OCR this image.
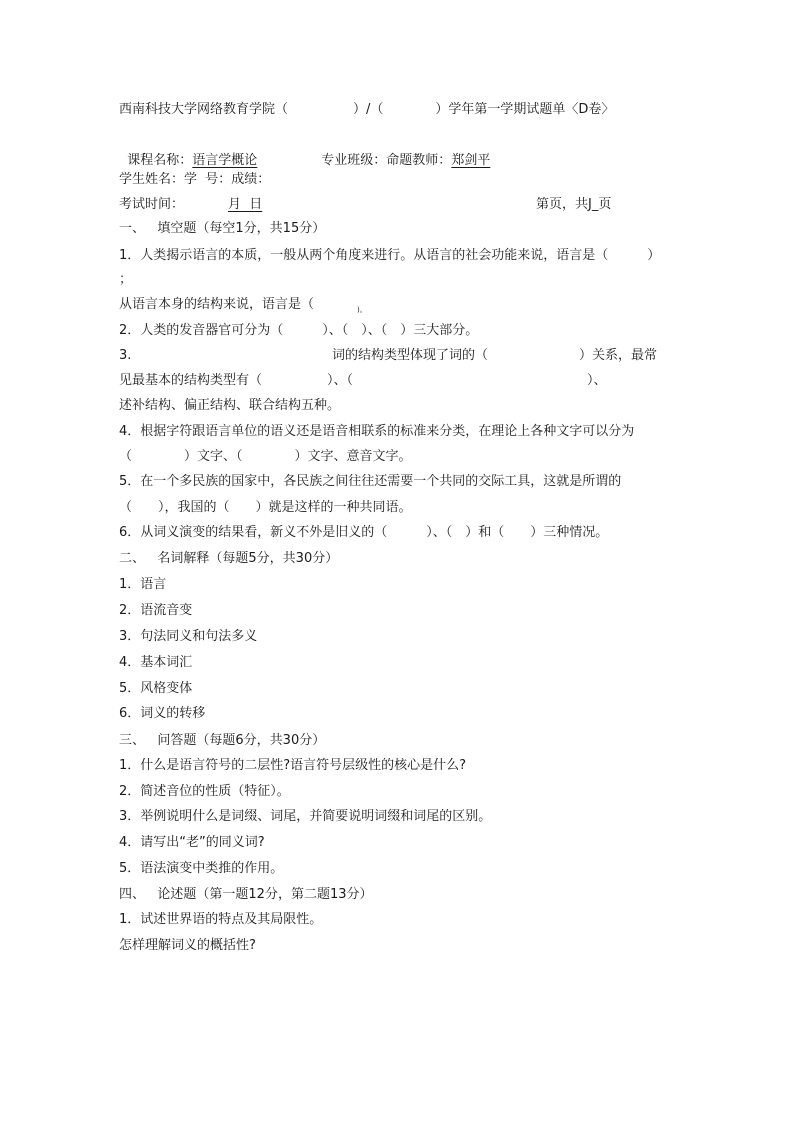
西南科技大学网络教育学院（　　　　　）/（　　　　）学年第一学期试题单〈D卷〉

课程名称：语言学概论	专业班级：命题教师：郑剑平

学生姓名：学  号：成绩：
考试时间：	月  日	第页，共J_页
一、   填空题（每空1分，共15分）
1．人类揭示语言的本质，一般从两个角度来进行。从语言的社会功能来说，语言是（　　　）
；
从语言本身的结构来说，语言是（	)。
2．人类的发音器官可分为（　　　）、（　）、（　）三大部分。
3.	词的结构类型体现了词的（　　　　　　　）关系，最常
见最基本的结构类型有（　　　　　）、（　　　　　　　　　　　　　　　　　　）、
述补结构、偏正结构、联合结构五种。
4．根据字符跟语言单位的语义还是语音相联系的标准来分类，在理论上各种文字可以分为
（　　　　）文字、（　　　　）文字、意音文字。
5．在一个多民族的国家中，各民族之间往往还需要一个共同的交际工具，这就是所谓的
（　　），我国的（　　）就是这样的一种共同语。
6．从词义演变的结果看，新义不外是旧义的（　　　）、（　）和（　　）三种情况。
二、   名词解释（每题5分，共30分）
1．语言
2．语流音变
3．句法同义和句法多义
4．基本词汇
5．风格变体
6．词义的转移
三、   问答题（每题6分，共30分）
1．什么是语言符号的二层性?语言符号层级性的核心是什么?
2．简述音位的性质（特征）。
3．举例说明什么是词缀、词尾，并简要说明词缀和词尾的区别。
4．请写出“老”的同义词?
5．语法演变中类推的作用。
四、   论述题（第一题12分，第二题13分）
1．试述世界语的特点及其局限性。
怎样理解词义的概括性?
